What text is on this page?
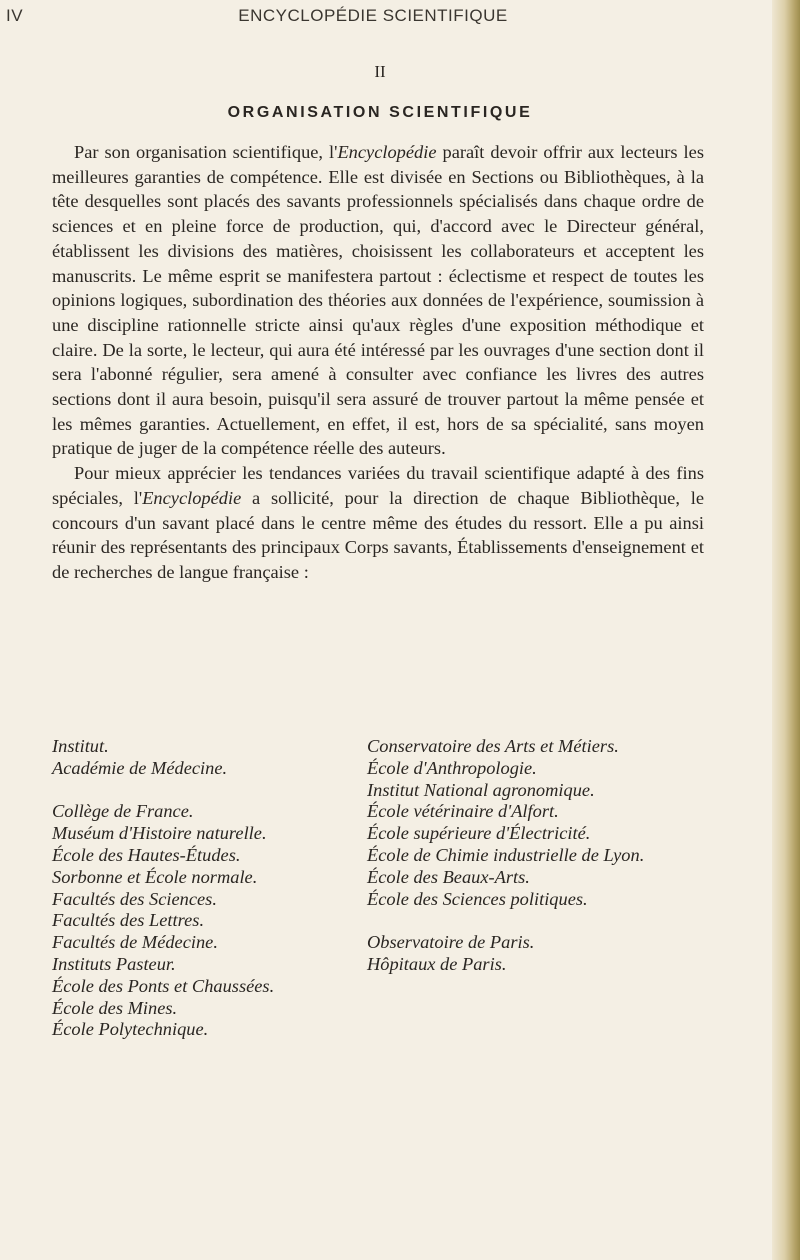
IV	ENCYCLOPÉDIE SCIENTIFIQUE
II
ORGANISATION SCIENTIFIQUE

Par son organisation scientifique, l'Encyclopédie paraît devoir offrir aux lecteurs les meilleures garanties de compétence. Elle est divisée en Sections ou Bibliothèques, à la tête desquelles sont placés des savants professionnels spécialisés dans chaque ordre de sciences et en pleine force de production, qui, d'accord avec le Directeur général, établissent les divisions des matières, choisissent les collaborateurs et acceptent les manuscrits. Le même esprit se manifestera partout : éclectisme et respect de toutes les opinions logiques, subordination des théories aux données de l'expérience, soumission à une discipline rationnelle stricte ainsi qu'aux règles d'une exposition méthodique et claire. De la sorte, le lecteur, qui aura été intéressé par les ouvrages d'une section dont il sera l'abonné régulier, sera amené à consulter avec confiance les livres des autres sections dont il aura besoin, puisqu'il sera assuré de trouver partout la même pensée et les mêmes garanties. Actuellement, en effet, il est, hors de sa spécialité, sans moyen pratique de juger de la compétence réelle des auteurs.

Pour mieux apprécier les tendances variées du travail scientifique adapté à des fins spéciales, l'Encyclopédie a sollicité, pour la direction de chaque Bibliothèque, le concours d'un savant placé dans le centre même des études du ressort. Elle a pu ainsi réunir des représentants des principaux Corps savants, Établissements d'enseignement et de recherches de langue française :

Institut.
Académie de Médecine.
Collège de France.
Muséum d'Histoire naturelle.
École des Hautes-Études.
Sorbonne et École normale.
Facultés des Sciences.
Facultés des Lettres.
Facultés de Médecine.
Instituts Pasteur.
École des Ponts et Chaussées.
École des Mines.
École Polytechnique.
Conservatoire des Arts et Métiers.
École d'Anthropologie.
Institut National agronomique.
École vétérinaire d'Alfort.
École supérieure d'Électricité.
École de Chimie industrielle de Lyon.
École des Beaux-Arts.
École des Sciences politiques.
Observatoire de Paris.
Hôpitaux de Paris.
